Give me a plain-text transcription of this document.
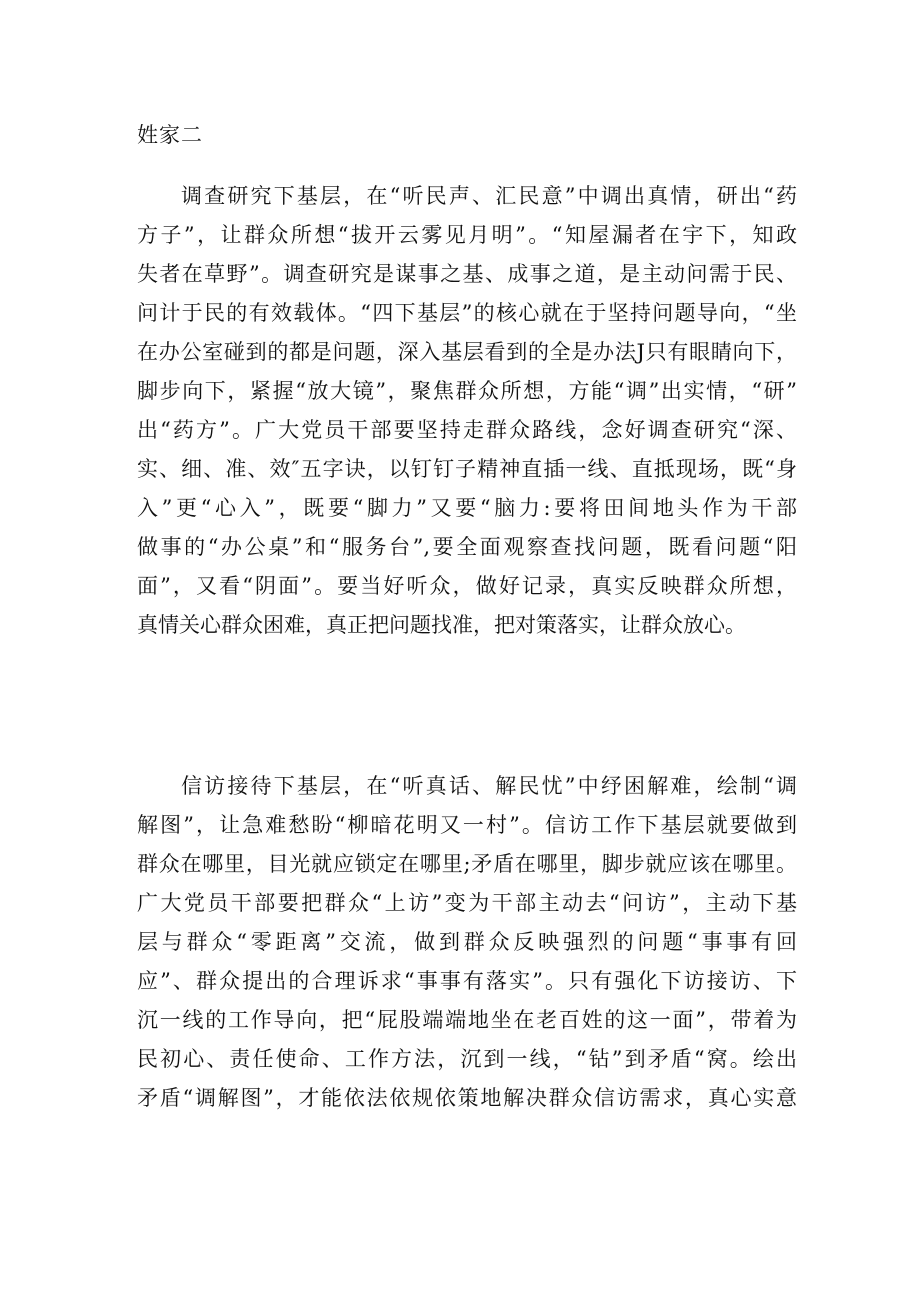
姓家二
调查研究下基层，在“听民声、汇民意”中调出真情，研出“药
方子”，让群众所想“拔开云雾见月明”。“知屋漏者在宇下，知政
失者在草野”。调查研究是谋事之基、成事之道，是主动问需于民、
问计于民的有效载体。“四下基层”的核心就在于坚持问题导向，“坐
在办公室碰到的都是问题，深入基层看到的全是办法J只有眼睛向下，
脚步向下，紧握“放大镜”，聚焦群众所想，方能“调”出实情，“研”
出“药方”。广大党员干部要坚持走群众路线，念好调查研究“深、
实、细、准、效″五字诀，以钉钉子精神直插一线、直抵现场，既“身
入”更“心入”，既要“脚力”又要“脑力:要将田间地头作为干部
做事的“办公桌”和“服务台”,要全面观察查找问题，既看问题“阳
面”，又看“阴面”。要当好听众，做好记录，真实反映群众所想，
真情关心群众困难，真正把问题找准，把对策落实，让群众放心。
信访接待下基层，在“听真话、解民忧”中纾困解难，绘制“调
解图”，让急难愁盼“柳暗花明又一村”。信访工作下基层就要做到
群众在哪里，目光就应锁定在哪里;矛盾在哪里，脚步就应该在哪里。
广大党员干部要把群众“上访”变为干部主动去“问访”，主动下基
层与群众“零距离”交流，做到群众反映强烈的问题“事事有回
应”、群众提出的合理诉求“事事有落实”。只有强化下访接访、下
沉一线的工作导向，把“屁股端端地坐在老百姓的这一面”，带着为
民初心、责任使命、工作方法，沉到一线，“钻”到矛盾“窝。绘出
矛盾“调解图”，才能依法依规依策地解决群众信访需求，真心实意
